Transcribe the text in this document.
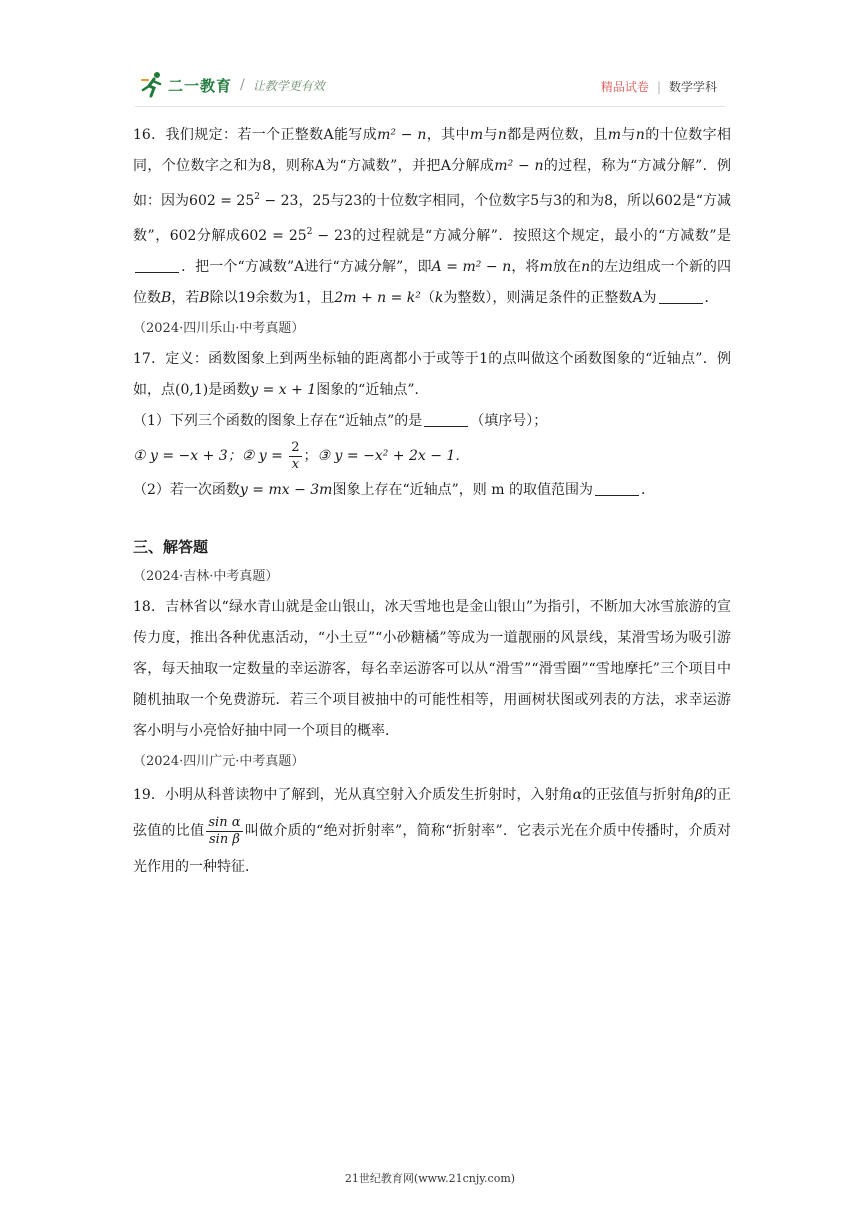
二一教育 / 让教学更有效	精品试卷 | 数学学科

16．我们规定：若一个正整数A能写成m² − n，其中m与n都是两位数，且m与n的十位数字相同，个位数字之和为8，则称A为“方减数”，并把A分解成m² − n的过程，称为“方减分解”．例如：因为$602 = 25^2 - 23$，25与23的十位数字相同，个位数字5与3的和为8，所以602是“方减数”，602分解成$602 = 25^2 - 23$的过程就是“方减分解”．按照这个规定，最小的“方减数”是．把一个“方减数”A进行“方减分解”，即A = m² − n，将m放在n的左边组成一个新的四位数B，若B除以19余数为1，且2m + n = k²（k为整数），则满足条件的正整数A为	．

（2024·四川乐山·中考真题）

17．定义：函数图象上到两坐标轴的距离都小于或等于1的点叫做这个函数图象的“近轴点”．例如，点(0,1)是函数y = x + 1图象的“近轴点”．

（1）下列三个函数的图象上存在“近轴点”的是	（填序号）；

① y = −x + 3；② $y = \frac{2}{x}$ ；③ y = −x² + 2x − 1．

（2）若一次函数y = mx − 3m图象上存在“近轴点”，则 m 的取值范围为	．

三、解答题

（2024·吉林·中考真题）

18．吉林省以“绿水青山就是金山银山，冰天雪地也是金山银山”为指引，不断加大冰雪旅游的宣传力度，推出各种优惠活动，“小土豆”“小砂糖橘”等成为一道靓丽的风景线，某滑雪场为吸引游客，每天抽取一定数量的幸运游客，每名幸运游客可以从“滑雪”“滑雪圈”“雪地摩托”三个项目中随机抽取一个免费游玩．若三个项目被抽中的可能性相等，用画树状图或列表的方法，求幸运游客小明与小亮恰好抽中同一个项目的概率．

（2024·四川广元·中考真题）

19．小明从科普读物中了解到，光从真空射入介质发生折射时，入射角α的正弦值与折射角β的正弦值的比值 $\frac{\text{sin α}}{\text{sin β}}$ 叫做介质的“绝对折射率”，简称“折射率”．它表示光在介质中传播时，介质对光作用的一种特征．

21世纪教育网(www.21cnjy.com)
